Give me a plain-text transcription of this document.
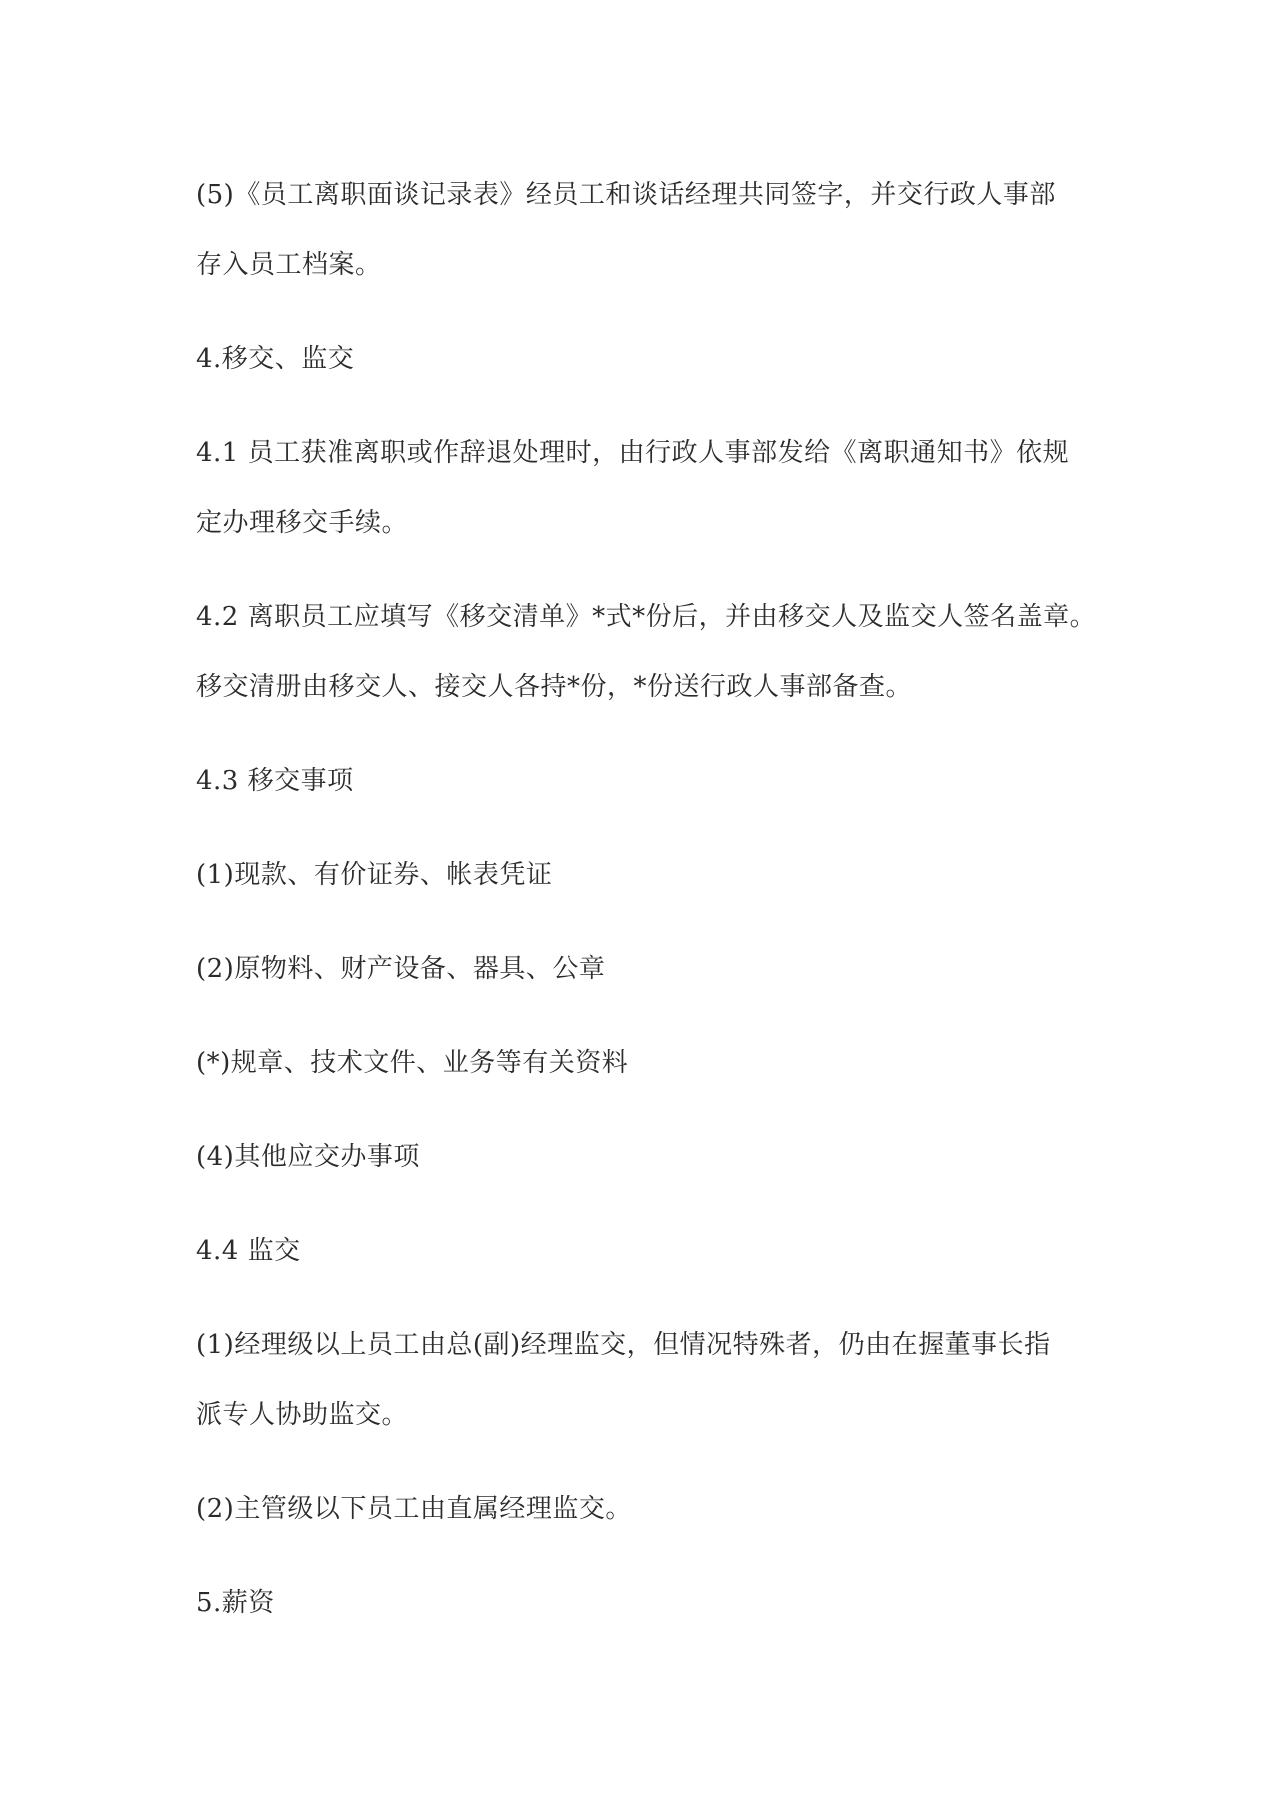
(5)《员工离职面谈记录表》经员工和谈话经理共同签字，并交行政人事部
存入员工档案。

4.移交、监交

4.1 员工获准离职或作辞退处理时，由行政人事部发给《离职通知书》依规
定办理移交手续。

4.2 离职员工应填写《移交清单》*式*份后，并由移交人及监交人签名盖章。
移交清册由移交人、接交人各持*份，*份送行政人事部备查。

4.3 移交事项

(1)现款、有价证券、帐表凭证

(2)原物料、财产设备、器具、公章

(*)规章、技术文件、业务等有关资料

(4)其他应交办事项

4.4 监交

(1)经理级以上员工由总(副)经理监交，但情况特殊者，仍由在握董事长指
派专人协助监交。

(2)主管级以下员工由直属经理监交。

5.薪资
